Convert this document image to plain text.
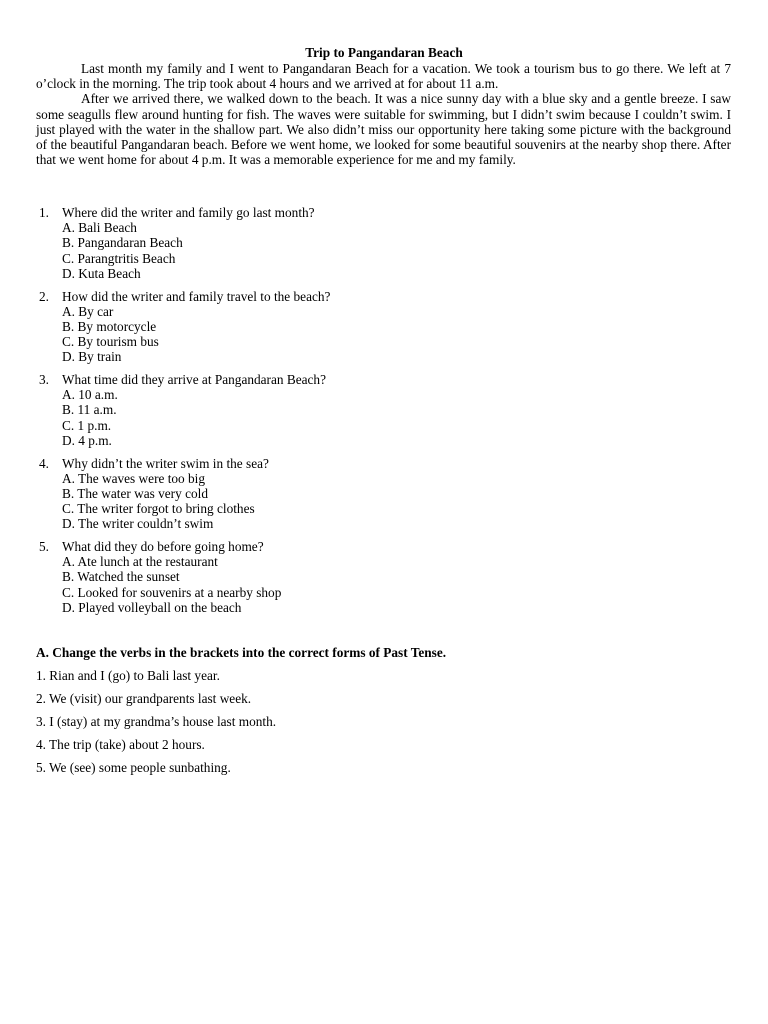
Trip to Pangandaran Beach

Last month my family and I went to Pangandaran Beach for a vacation. We took a tourism bus to go there. We left at 7 o’clock in the morning. The trip took about 4 hours and we arrived at for about 11 a.m.

After we arrived there, we walked down to the beach. It was a nice sunny day with a blue sky and a gentle breeze. I saw some seagulls flew around hunting for fish. The waves were suitable for swimming, but I didn’t swim because I couldn’t swim. I just played with the water in the shallow part. We also didn’t miss our opportunity here taking some picture with the background of the beautiful Pangandaran beach. Before we went home, we looked for some beautiful souvenirs at the nearby shop there. After that we went home for about 4 p.m. It was a memorable experience for me and my family.

1. Where did the writer and family go last month?
A. Bali Beach
B. Pangandaran Beach
C. Parangtritis Beach
D. Kuta Beach
2. How did the writer and family travel to the beach?
A. By car
B. By motorcycle
C. By tourism bus
D. By train
3. What time did they arrive at Pangandaran Beach?
A. 10 a.m.
B. 11 a.m.
C. 1 p.m.
D. 4 p.m.
4. Why didn’t the writer swim in the sea?
A. The waves were too big
B. The water was very cold
C. The writer forgot to bring clothes
D. The writer couldn’t swim
5. What did they do before going home?
A. Ate lunch at the restaurant
B. Watched the sunset
C. Looked for souvenirs at a nearby shop
D. Played volleyball on the beach
A. Change the verbs in the brackets into the correct forms of Past Tense.
1. Rian and I (go) to Bali last year.
2. We (visit) our grandparents last week.
3. I (stay) at my grandma’s house last month.
4. The trip (take) about 2 hours.
5. We (see) some people sunbathing.
